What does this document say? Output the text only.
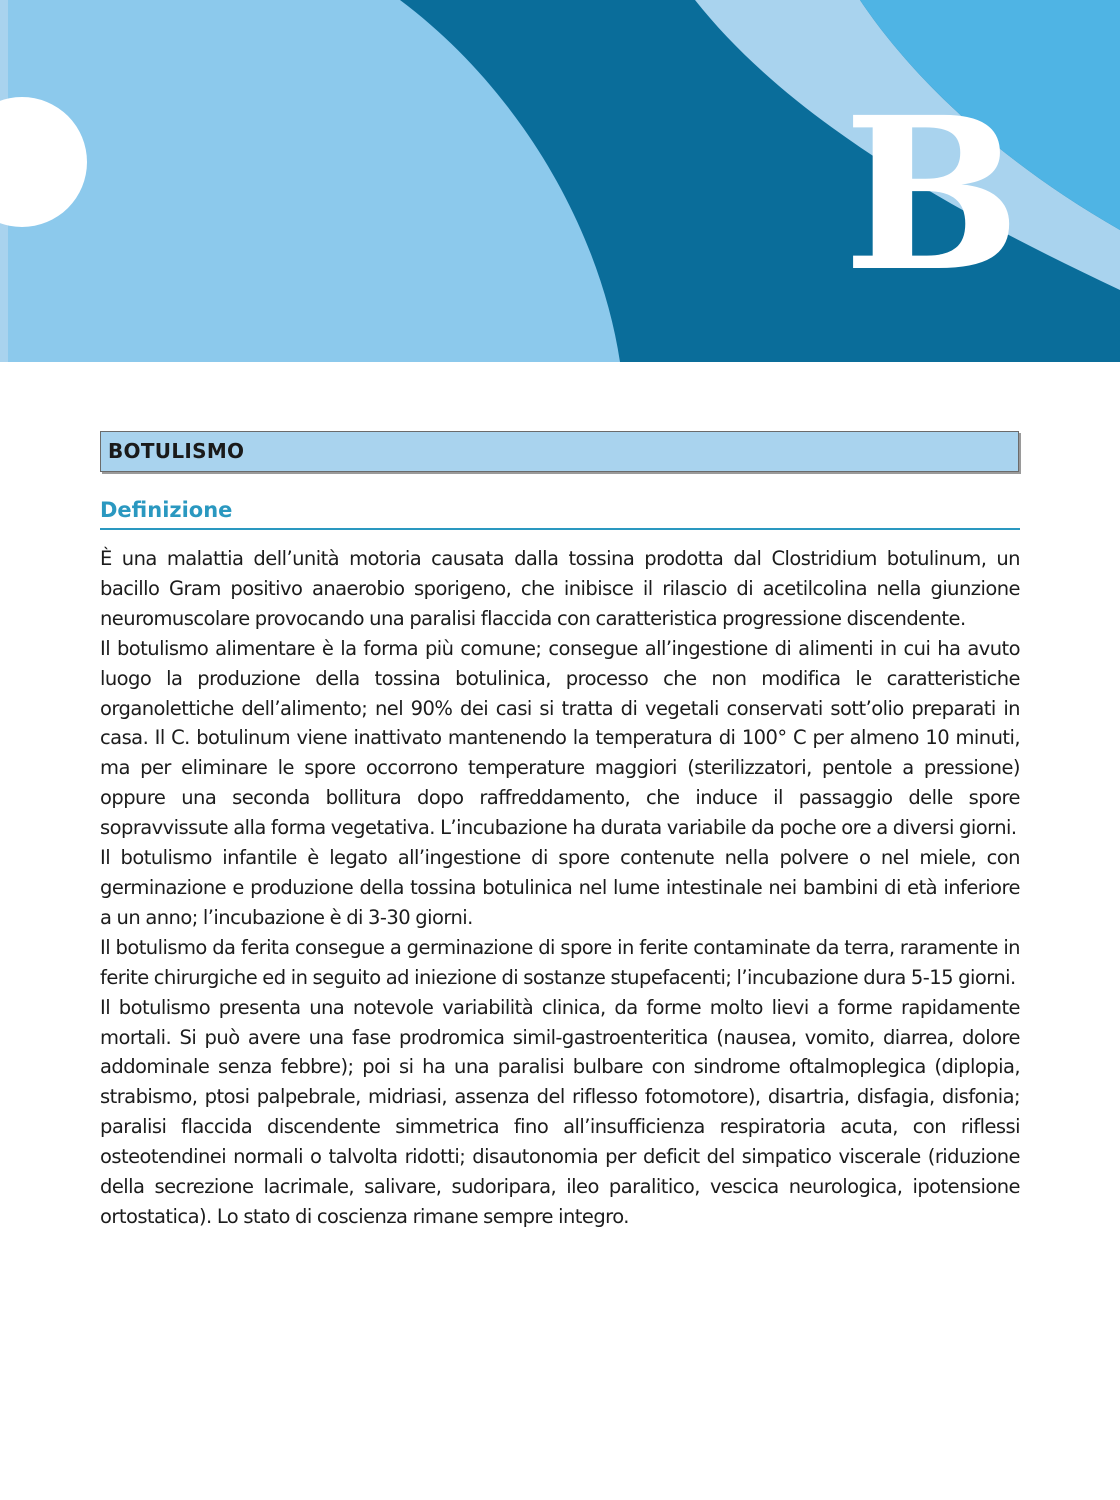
B
BOTULISMO
Definizione

È una malattia dell’unità motoria causata dalla tossina prodotta dal Clostridium botulinum, un bacillo Gram positivo anaerobio sporigeno, che inibisce il rilascio di acetilcolina nella giunzione neuromuscolare provocando una paralisi flaccida con caratteristica progressione discendente.

Il botulismo alimentare è la forma più comune; consegue all’ingestione di alimenti in cui ha avuto luogo la produzione della tossina botulinica, processo che non modifica le caratteristiche organolettiche dell’alimento; nel 90% dei casi si tratta di vegetali conservati sott’olio preparati in casa. Il C. botulinum viene inattivato mantenendo la temperatura di 100° C per almeno 10 minuti, ma per eliminare le spore occorrono temperature maggiori (sterilizzatori, pentole a pressione) oppure una seconda bollitura dopo raffreddamento, che induce il passaggio delle spore sopravvissute alla forma vegetativa. L’incubazione ha durata variabile da poche ore a diversi giorni.

Il botulismo infantile è legato all’ingestione di spore contenute nella polvere o nel miele, con germinazione e produzione della tossina botulinica nel lume intestinale nei bambini di età inferiore a un anno; l’incubazione è di 3-30 giorni.

Il botulismo da ferita consegue a germinazione di spore in ferite contaminate da terra, raramente in ferite chirurgiche ed in seguito ad iniezione di sostanze stupefacenti; l’incubazione dura 5-15 giorni.

Il botulismo presenta una notevole variabilità clinica, da forme molto lievi a forme rapidamente mortali. Si può avere una fase prodromica simil-gastroenteritica (nausea, vomito, diarrea, dolore addominale senza febbre); poi si ha una paralisi bulbare con sindrome oftalmoplegica (diplopia, strabismo, ptosi palpebrale, midriasi, assenza del riflesso fotomotore), disartria, disfagia, disfonia; paralisi flaccida discendente simmetrica fino all’insufficienza respiratoria acuta, con riflessi osteotendinei normali o talvolta ridotti; disautonomia per deficit del simpatico viscerale (riduzione della secrezione lacrimale, salivare, sudoripara, ileo paralitico, vescica neurologica, ipotensione ortostatica). Lo stato di coscienza rimane sempre integro.
